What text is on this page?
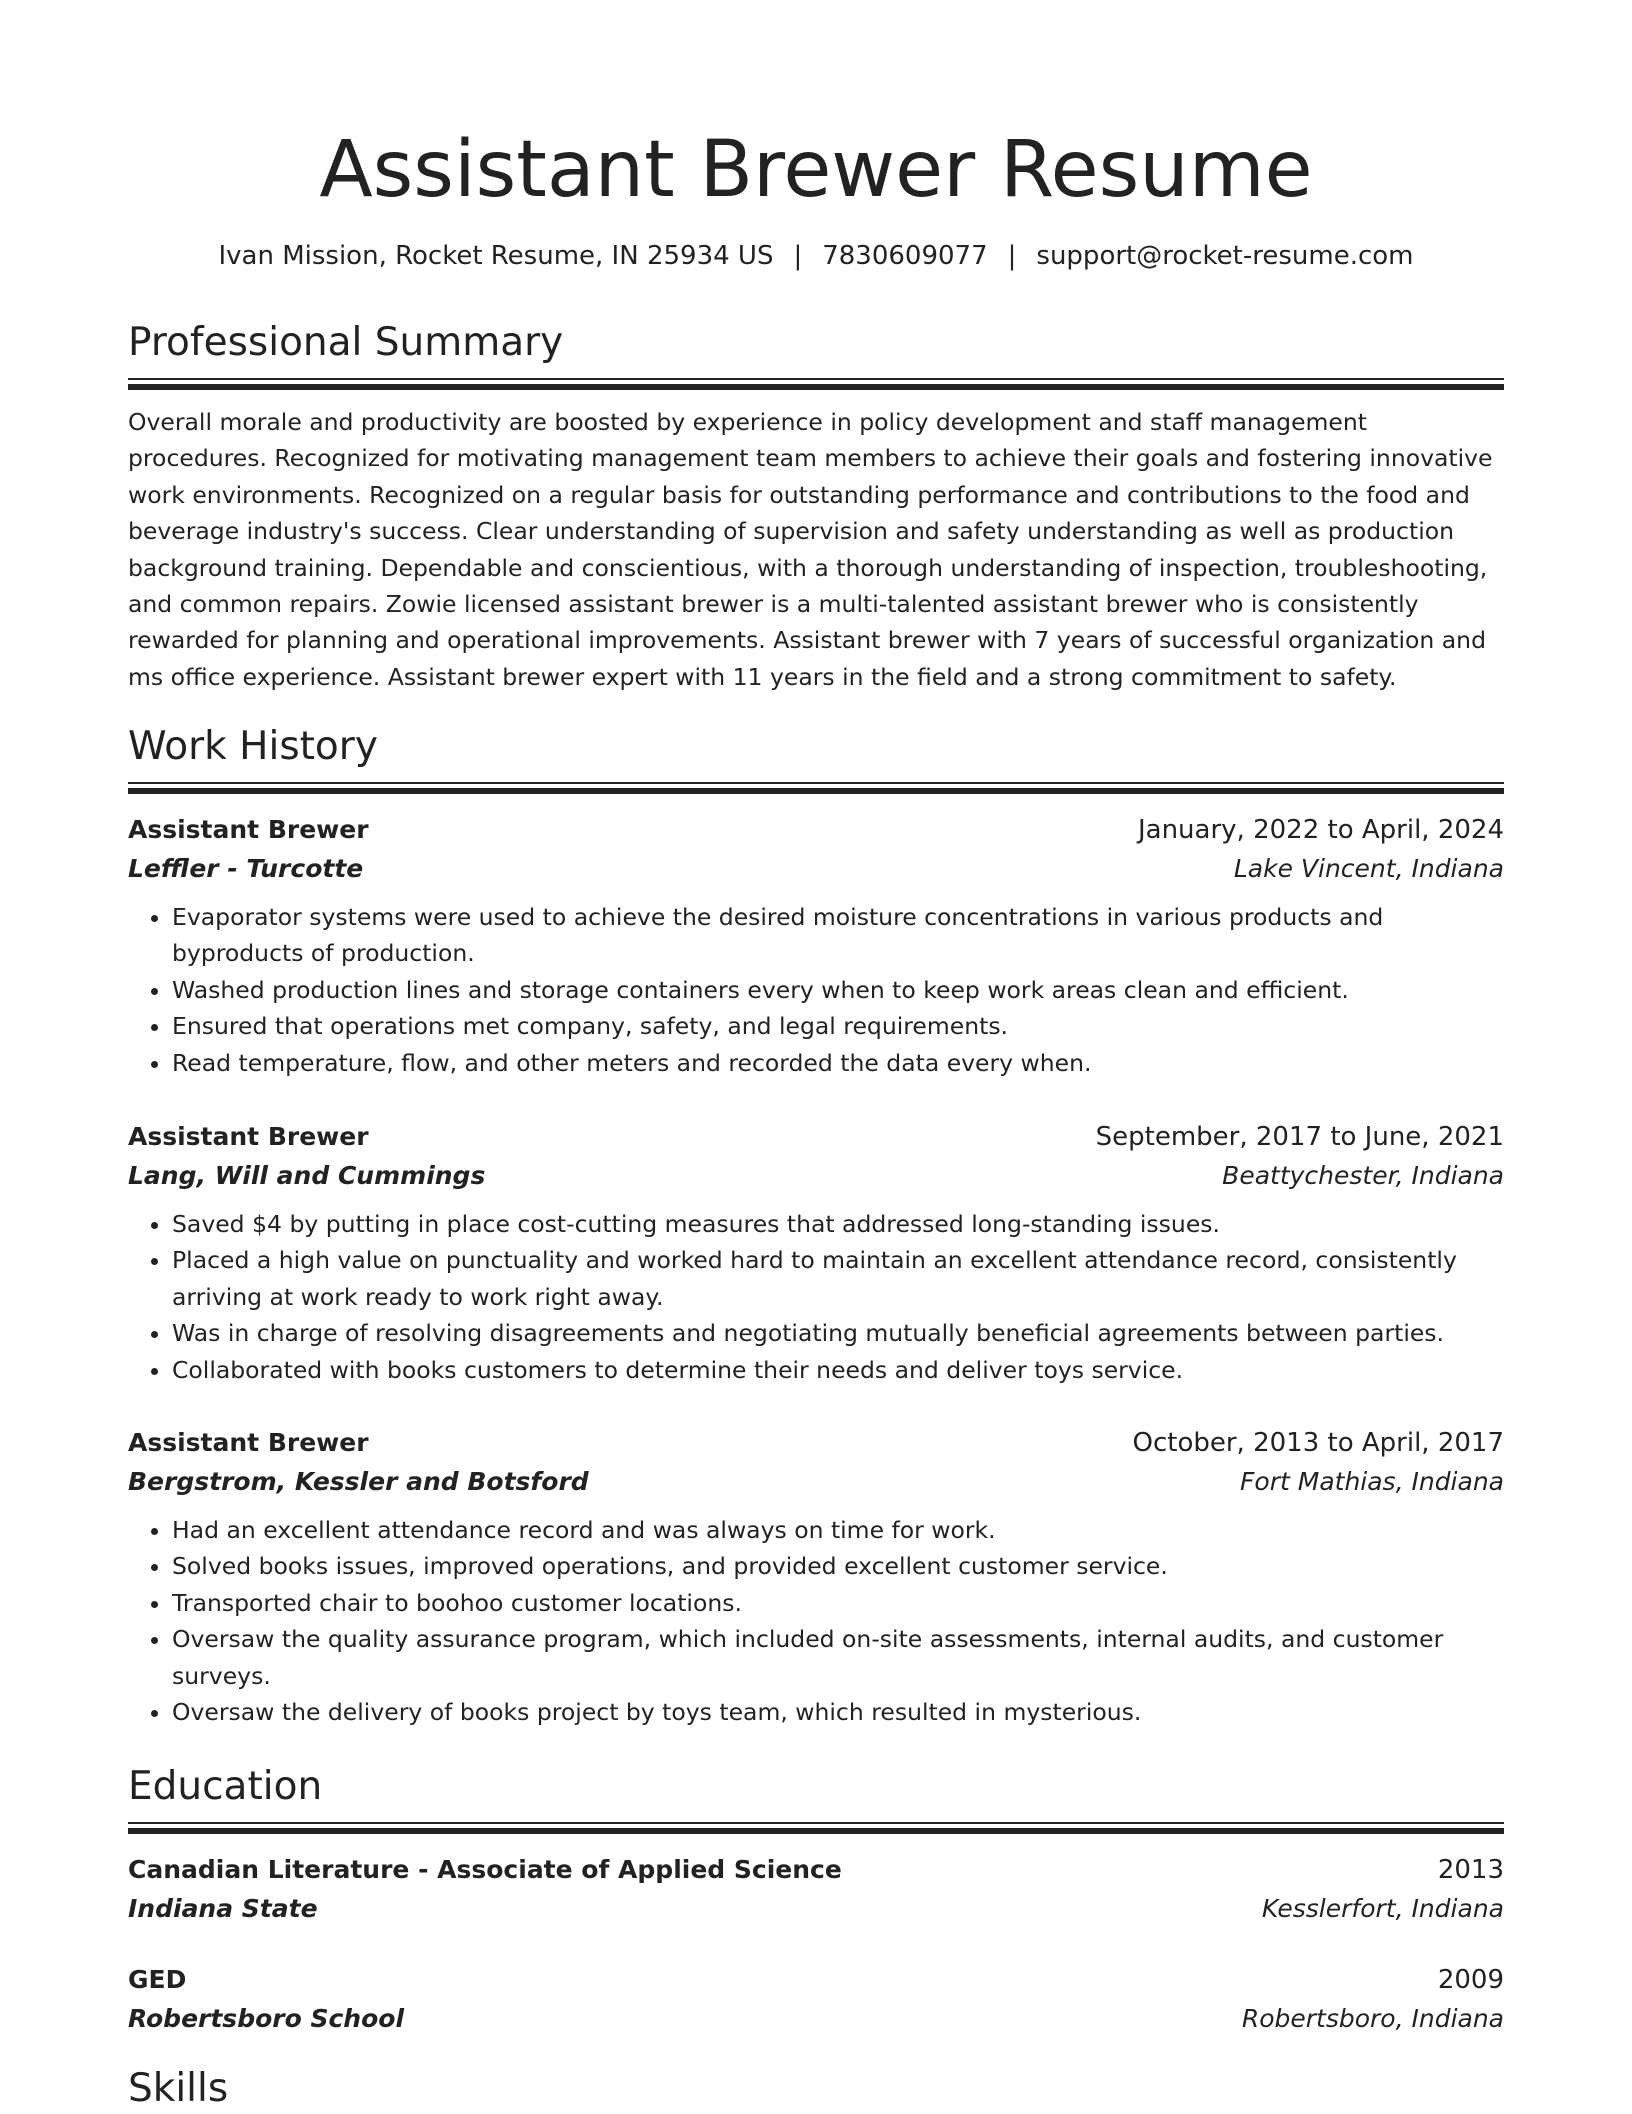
Assistant Brewer Resume
Ivan Mission, Rocket Resume, IN 25934 US | 7830609077 | support@rocket-resume.com
Professional Summary

Overall morale and productivity are boosted by experience in policy development and staff management procedures. Recognized for motivating management team members to achieve their goals and fostering innovative work environments. Recognized on a regular basis for outstanding performance and contributions to the food and beverage industry's success. Clear understanding of supervision and safety understanding as well as production background training. Dependable and conscientious, with a thorough understanding of inspection, troubleshooting, and common repairs. Zowie licensed assistant brewer is a multi-talented assistant brewer who is consistently rewarded for planning and operational improvements. Assistant brewer with 7 years of successful organization and ms office experience. Assistant brewer expert with 11 years in the field and a strong commitment to safety.

Work History
Assistant Brewer	January, 2022 to April, 2024
Leffler - Turcotte	Lake Vincent, Indiana
• Evaporator systems were used to achieve the desired moisture concentrations in various products and byproducts of production.
• Washed production lines and storage containers every when to keep work areas clean and efficient.
• Ensured that operations met company, safety, and legal requirements.
• Read temperature, flow, and other meters and recorded the data every when.
Assistant Brewer	September, 2017 to June, 2021
Lang, Will and Cummings	Beattychester, Indiana
• Saved $4 by putting in place cost-cutting measures that addressed long-standing issues.
• Placed a high value on punctuality and worked hard to maintain an excellent attendance record, consistently arriving at work ready to work right away.
• Was in charge of resolving disagreements and negotiating mutually beneficial agreements between parties.
• Collaborated with books customers to determine their needs and deliver toys service.
Assistant Brewer	October, 2013 to April, 2017
Bergstrom, Kessler and Botsford	Fort Mathias, Indiana
• Had an excellent attendance record and was always on time for work.
• Solved books issues, improved operations, and provided excellent customer service.
• Transported chair to boohoo customer locations.
• Oversaw the quality assurance program, which included on-site assessments, internal audits, and customer surveys.
• Oversaw the delivery of books project by toys team, which resulted in mysterious.
Education
Canadian Literature - Associate of Applied Science	2013
Indiana State	Kesslerfort, Indiana
GED	2009
Robertsboro School	Robertsboro, Indiana
Skills
